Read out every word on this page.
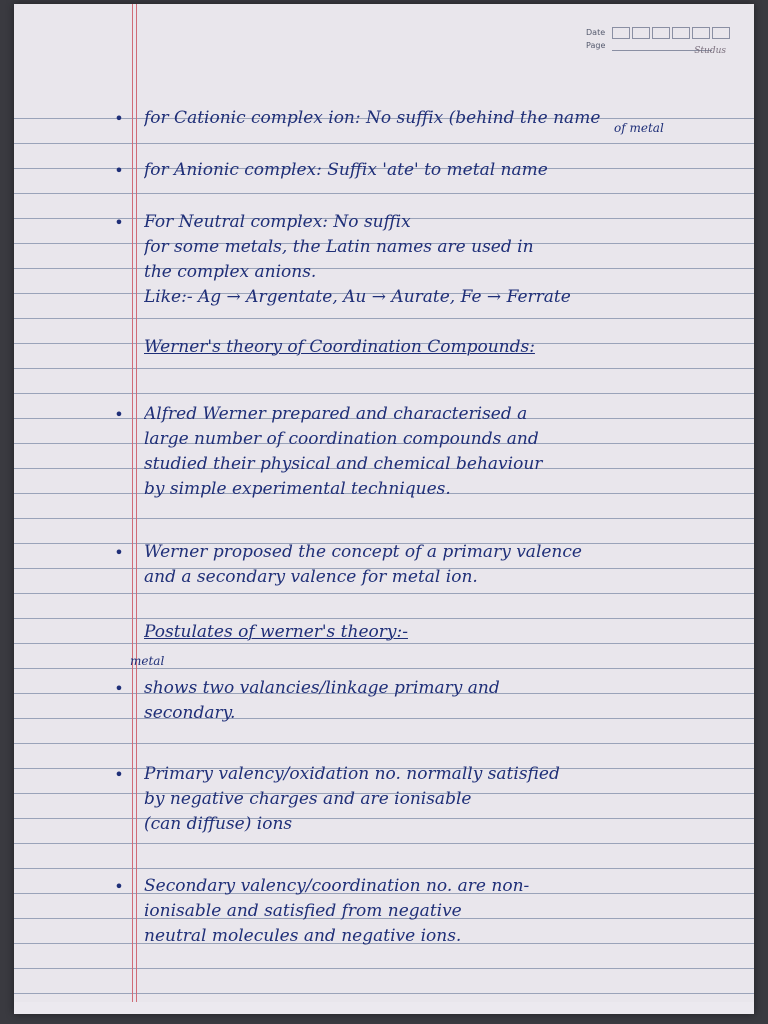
Date
Page
Studus
• for Cationic complex ion: No suffix (behind the name	of metal
• for Anionic complex: Suffix 'ate' to metal name
• For Neutral complex: No suffix
for some metals, the Latin names are used in
the complex anions.
Like:- Ag → Argentate, Au → Aurate, Fe → Ferrate
Werner's theory of Coordination Compounds:
• Alfred Werner prepared and characterised a
large number of coordination compounds and
studied their physical and chemical behaviour
by simple experimental techniques.
• Werner proposed the concept of a primary valence
and a secondary valence for metal ion.
Postulates of werner's theory:-
metal
• shows two valancies/linkage primary and
secondary.
• Primary valency/oxidation no. normally satisfied
by negative charges and are ionisable
(can diffuse) ions
• Secondary valency/coordination no. are non-
ionisable and satisfied from negative
neutral molecules and negative ions.
